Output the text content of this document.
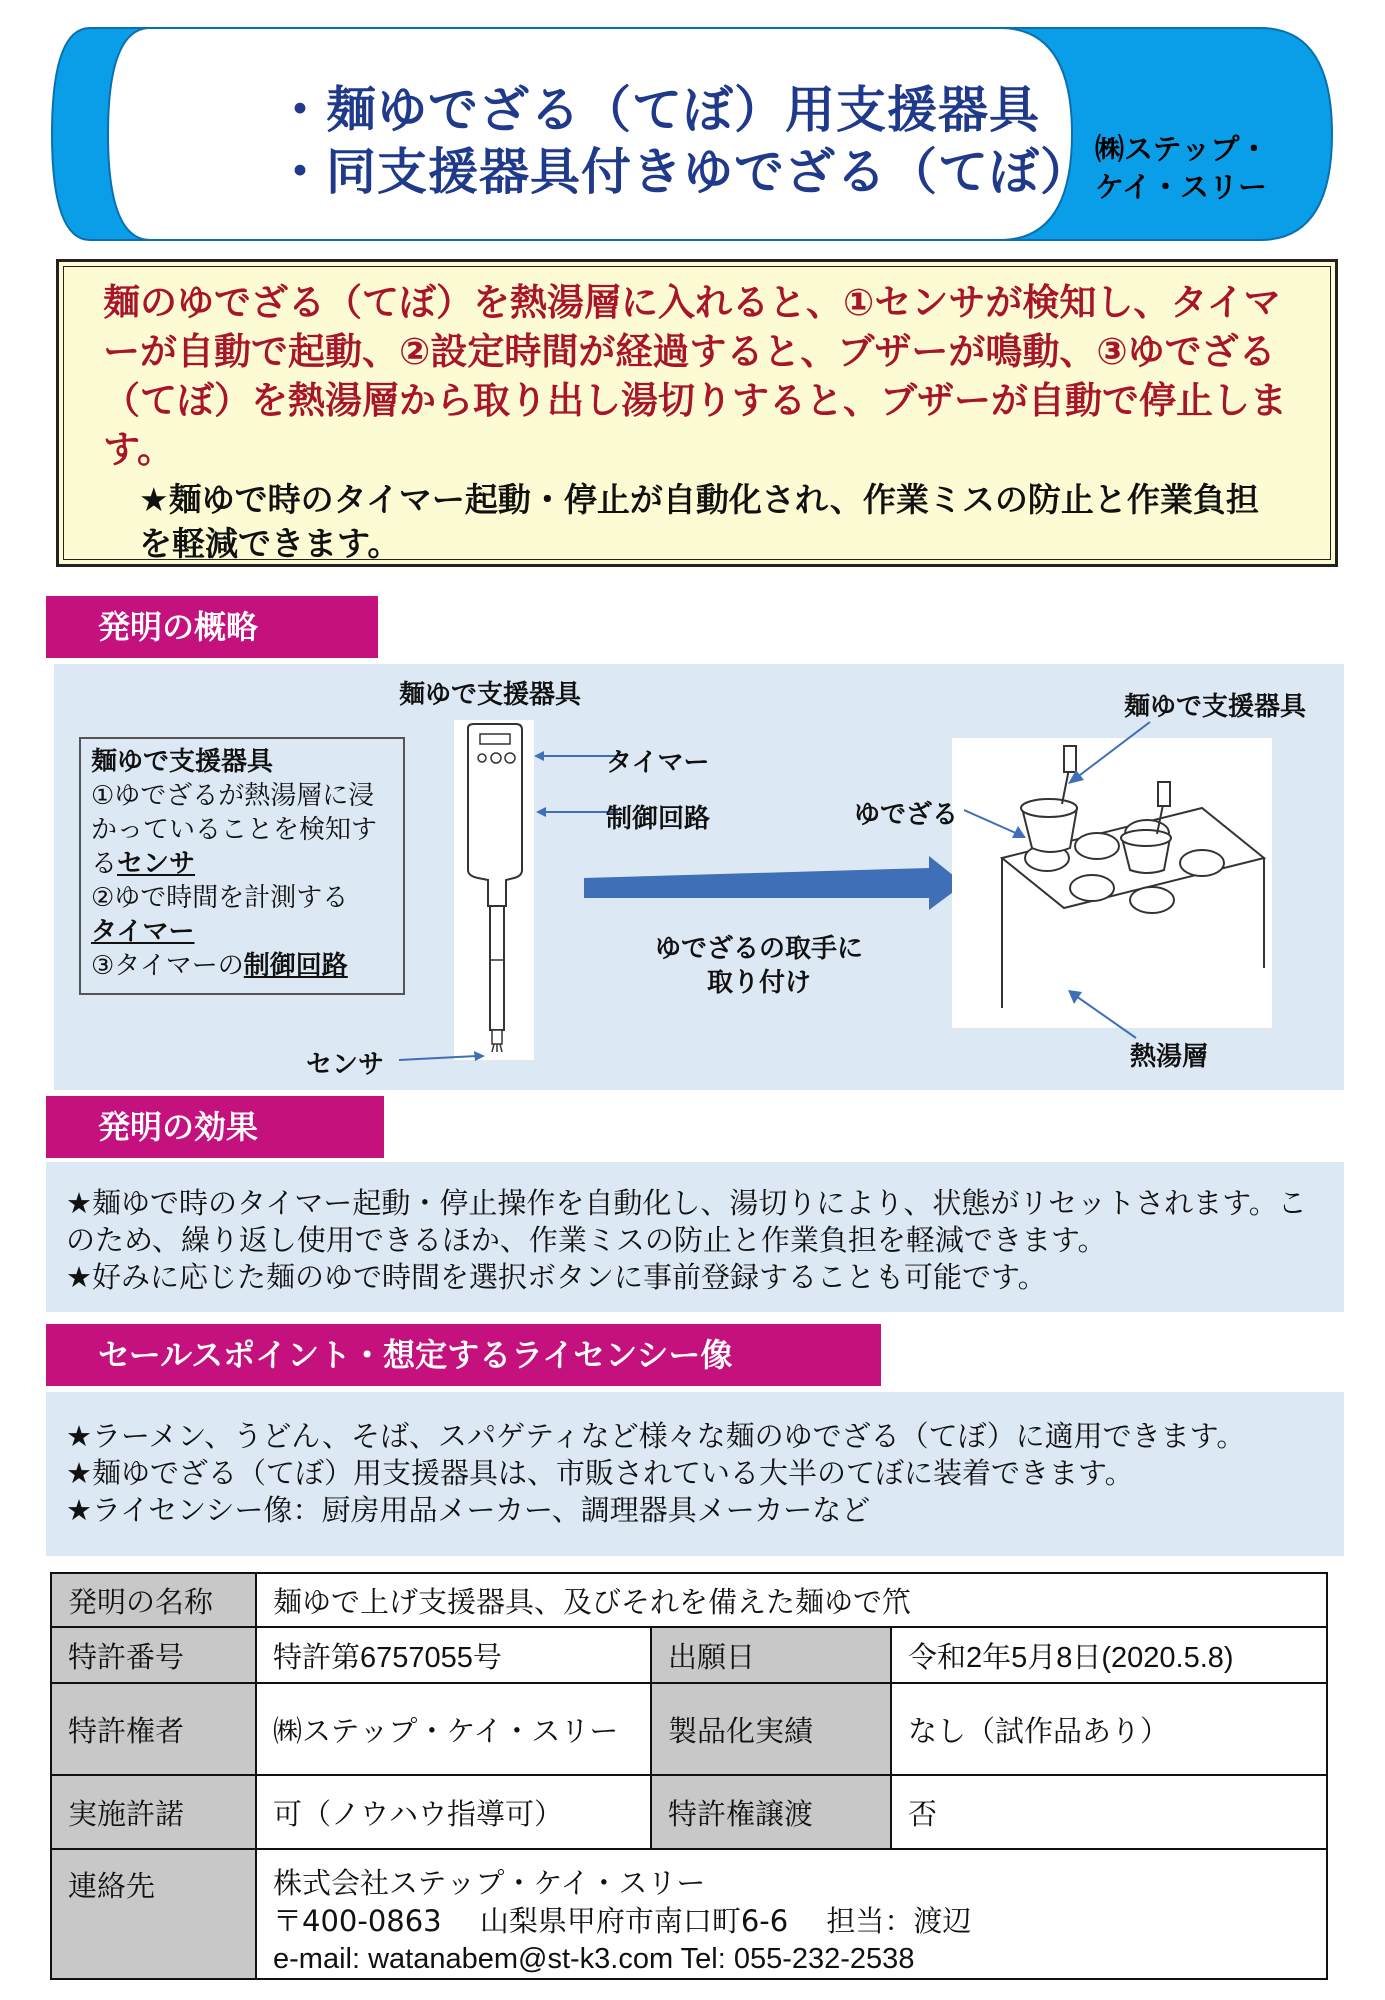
・麺ゆでざる（てぼ）用支援器具
・同支援器具付きゆでざる（てぼ） ㈱ステップ・
ケイ・スリー
麺のゆでざる（てぼ）を熱湯層に入れると、①センサが検知し、タイマーが自動で起動、②設定時間が経過すると、ブザーが鳴動、③ゆでざる（てぼ）を熱湯層から取り出し湯切りすると、ブザーが自動で停止します。
★麺ゆで時のタイマー起動・停止が自動化され、作業ミスの防止と作業負担を軽減できます。
発明の概略
麺ゆで支援器具
①ゆでざるが熱湯層に浸かっていることを検知するセンサ
②ゆで時間を計測する
タイマー
③タイマーの制御回路
麺ゆで支援器具
タイマー
制御回路
センサ
ゆでざるの取手に
取り付け
麺ゆで支援器具
ゆでざる
熱湯層
発明の効果

★麺ゆで時のタイマー起動・停止操作を自動化し、湯切りにより、状態がリセットされます。このため、繰り返し使用できるほか、作業ミスの防止と作業負担を軽減できます。

★好みに応じた麺のゆで時間を選択ボタンに事前登録することも可能です。

セールスポイント・想定するライセンシー像

★ラーメン、うどん、そば、スパゲティなど様々な麺のゆでざる（てぼ）に適用できます。

★麺ゆでざる（てぼ）用支援器具は、市販されている大半のてぼに装着できます。

★ライセンシー像：厨房用品メーカー、調理器具メーカーなど

発明の名称	麺ゆで上げ支援器具、及びそれを備えた麺ゆで笊		
特許番号	特許第6757055号	出願日	令和2年5月8日(2020.5.8)
特許権者	㈱ステップ・ケイ・スリー	製品化実績	なし（試作品あり）
実施許諾	可（ノウハウ指導可）	特許権譲渡	否
連絡先	株式会社ステップ・ケイ・スリー
〒400-0863　 山梨県甲府市南口町6-6　 担当：渡辺
e-mail: watanabem@st-k3.com Tel: 055-232-2538		
